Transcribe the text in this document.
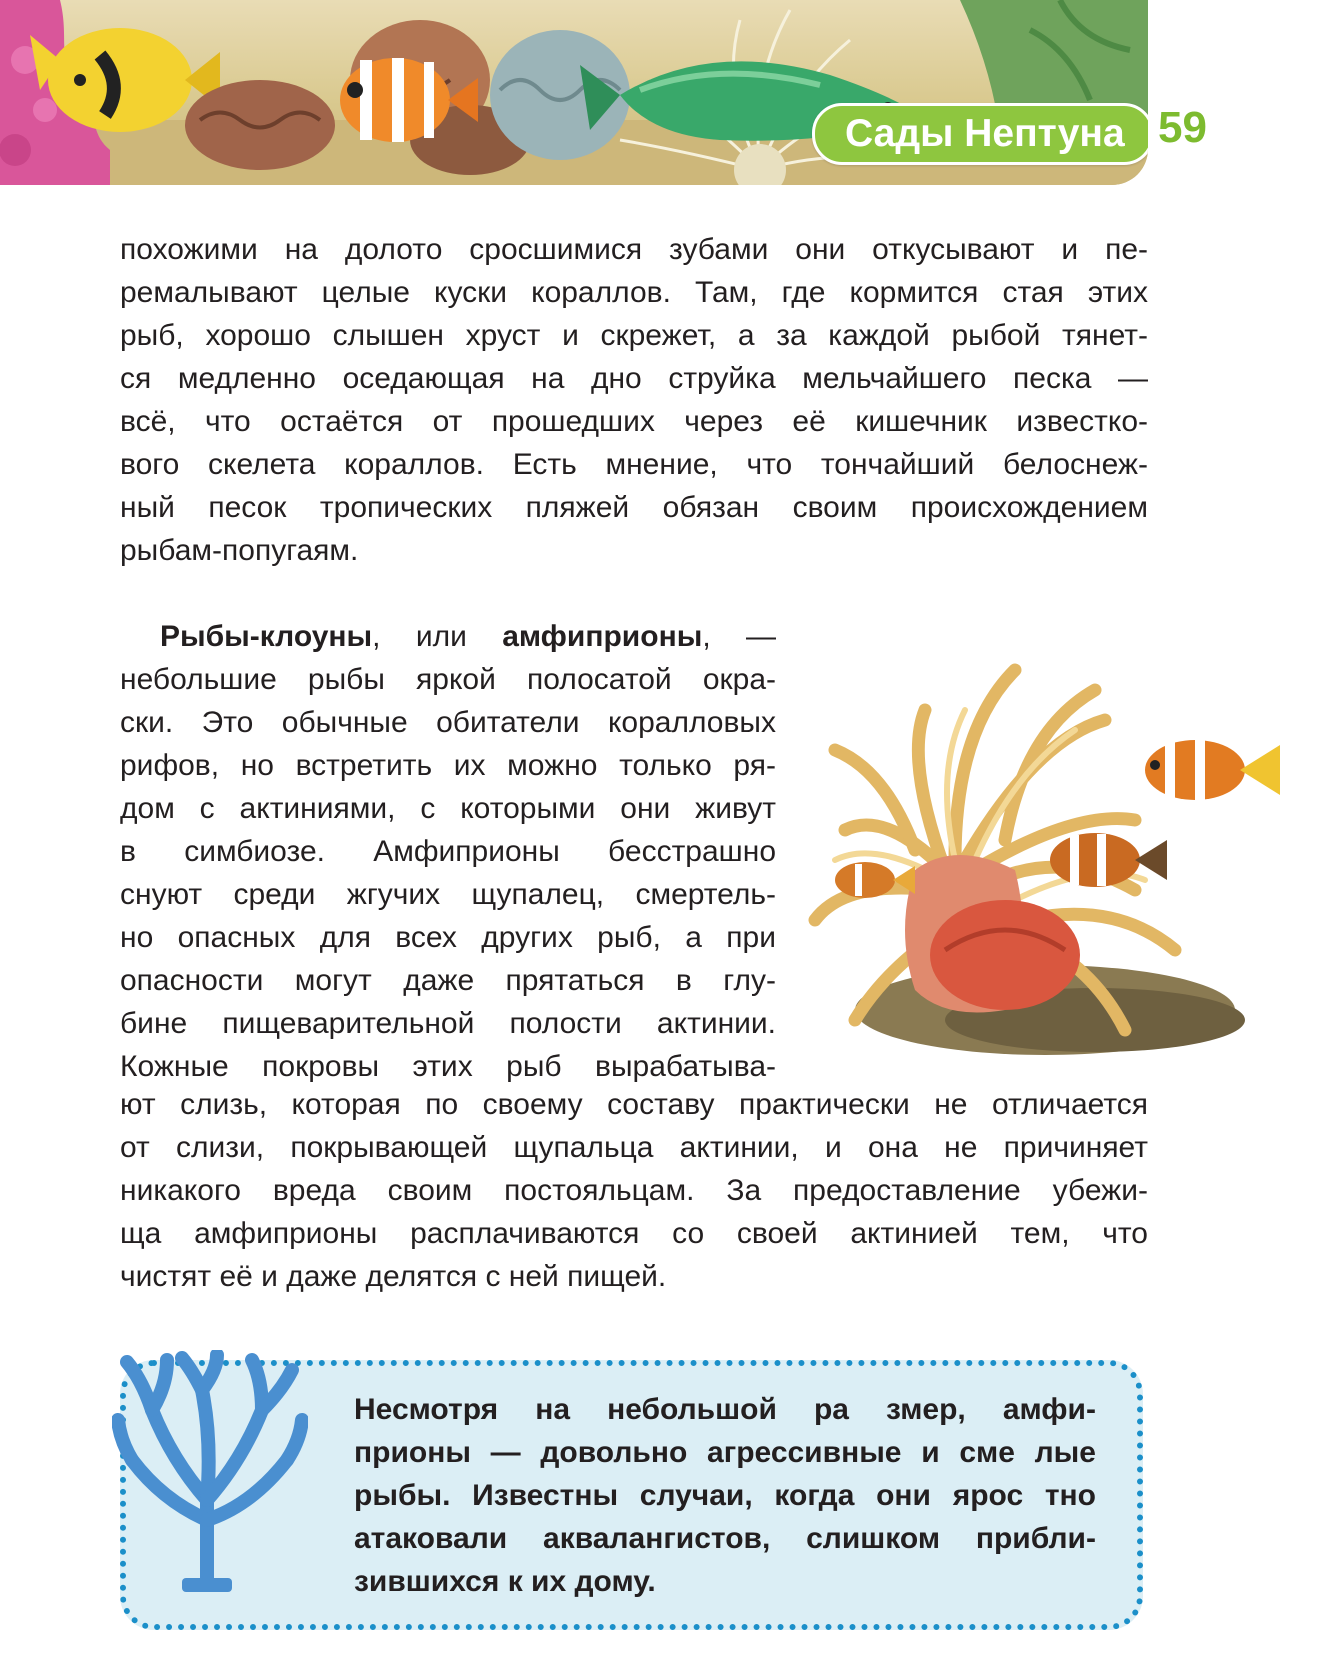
Сады Нептуна 59
похожими на долото сросшимися зубами они откусывают и пе-
ремалывают целые куски кораллов. Там, где кормится стая этих
рыб, хорошо слышен хруст и скрежет, а за каждой рыбой тянет-
ся медленно оседающая на дно струйка мельчайшего песка —
всё, что остаётся от прошедших через её кишечник известко-
вого скелета кораллов. Есть мнение, что тончайший белоснеж-
ный песок тропических пляжей обязан своим происхождением
рыбам-попугаям.
Рыбы-клоуны, или амфиприоны, —
небольшие рыбы яркой полосатой окра-
ски. Это обычные обитатели коралловых
рифов, но встретить их можно только ря-
дом с актиниями, с которыми они живут
в симбиозе. Амфиприоны бесстрашно
снуют среди жгучих щупалец, смертель-
но опасных для всех других рыб, а при
опасности могут даже прятаться в глу-
бине пищеварительной полости актинии.
Кожные покровы этих рыб вырабатыва-
ют слизь, которая по своему составу практически не отличается
от слизи, покрывающей щупальца актинии, и она не причиняет
никакого вреда своим постояльцам. За предоставление убежи-
ща амфиприоны расплачиваются со своей актинией тем, что
чистят её и даже делятся с ней пищей.
Несмотря на небольшой ра змер, амфи-
прионы — довольно агрессивные и сме лые
рыбы. Известны случаи, когда они ярос тно
атаковали аквалангистов, слишком прибли-
зившихся к их дому.
